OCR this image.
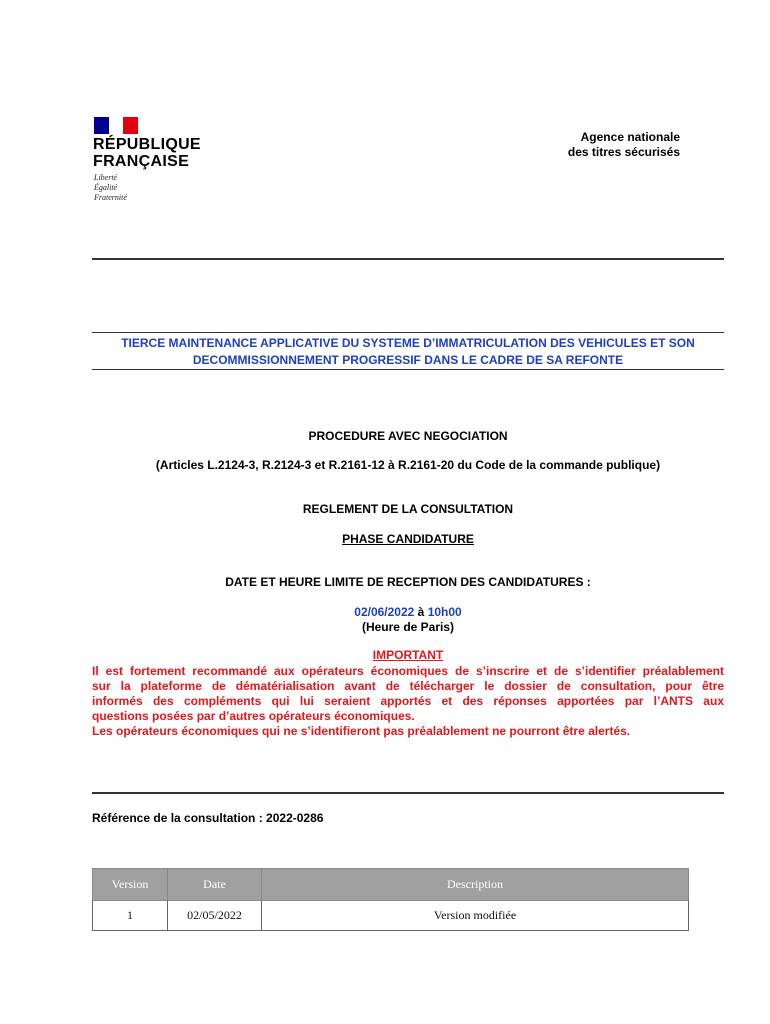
RÉPUBLIQUE
FRANÇAISE
Liberté
Égalité
Fraternité
Agence nationale
des titres sécurisés
TIERCE MAINTENANCE APPLICATIVE DU SYSTEME D’IMMATRICULATION DES VEHICULES ET SON
DECOMMISSIONNEMENT PROGRESSIF DANS LE CADRE DE SA REFONTE
PROCEDURE AVEC NEGOCIATION
(Articles L.2124-3, R.2124-3 et R.2161-12 à R.2161-20 du Code de la commande publique)
REGLEMENT DE LA CONSULTATION
PHASE CANDIDATURE
DATE ET HEURE LIMITE DE RECEPTION DES CANDIDATURES :
02/06/2022 à 10h00
(Heure de Paris)
IMPORTANT
Il est fortement recommandé aux opérateurs économiques de s’inscrire et de s’identifier préalablement
sur la plateforme de dématérialisation avant de télécharger le dossier de consultation, pour être
informés des compléments qui lui seraient apportés et des réponses apportées par l’ANTS aux
questions posées par d’autres opérateurs économiques.
Les opérateurs économiques qui ne s’identifieront pas préalablement ne pourront être alertés.
Référence de la consultation : 2022-0286
Version	Date	Description
1	02/05/2022	Version modifiée
